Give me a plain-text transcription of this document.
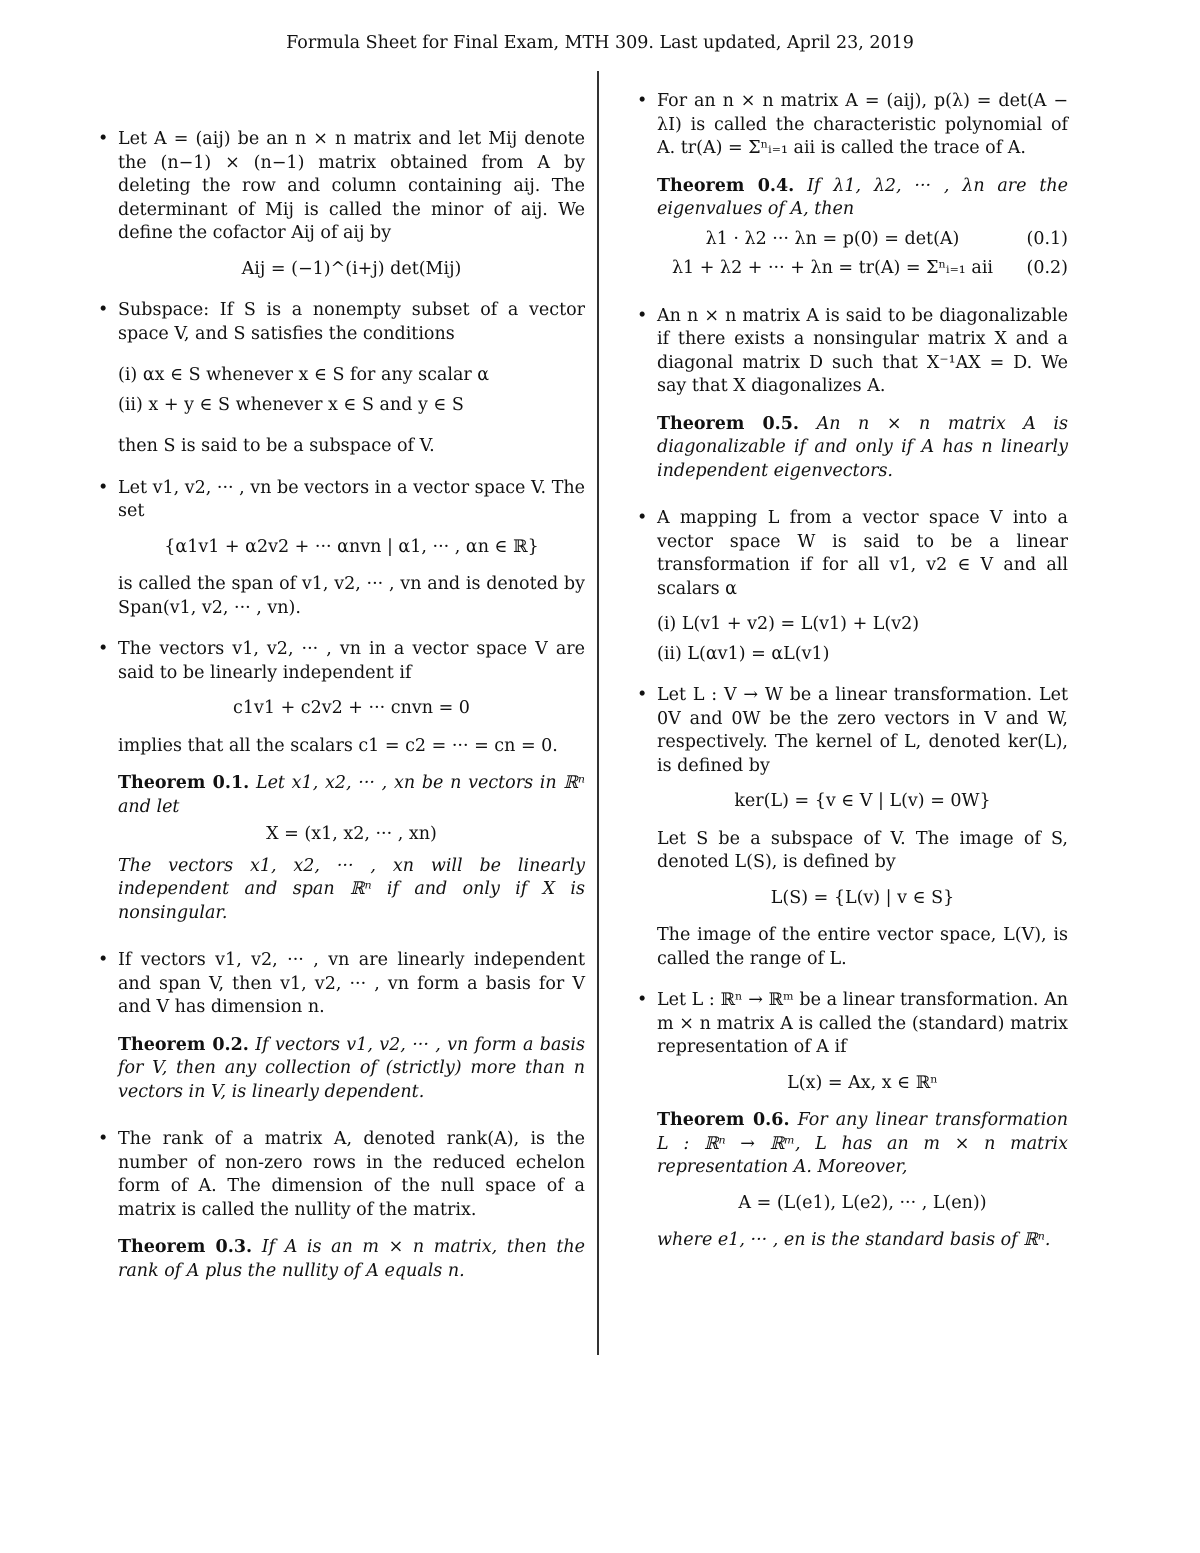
Formula Sheet for Final Exam, MTH 309. Last updated, April 23, 2019
• Let A = (aij) be an n × n matrix and let Mij denote the (n−1) × (n−1) matrix obtained from A by deleting the row and column containing aij. The determinant of Mij is called the minor of aij. We define the cofactor Aij of aij by

Aij = (−1)^(i+j) det(Mij)
• Subspace: If S is a nonempty subset of a vector space V, and S satisfies the conditions

(i) αx ∈ S whenever x ∈ S for any scalar α
(ii) x + y ∈ S whenever x ∈ S and y ∈ S

then S is said to be a subspace of V.

• Let v1, v2, ··· , vn be vectors in a vector space V. The set

{α1v1 + α2v2 + ··· αnvn | α1, ··· , αn ∈ ℝ}

is called the span of v1, v2, ··· , vn and is denoted by Span(v1, v2, ··· , vn).

• The vectors v1, v2, ··· , vn in a vector space V are said to be linearly independent if

c1v1 + c2v2 + ··· cnvn = 0

implies that all the scalars c1 = c2 = ··· = cn = 0.

Theorem 0.1. Let x1, x2, ··· , xn be n vectors in ℝⁿ and let

X = (x1, x2, ··· , xn)

The vectors x1, x2, ··· , xn will be linearly independent and span ℝⁿ if and only if X is nonsingular.

• If vectors v1, v2, ··· , vn are linearly independent and span V, then v1, v2, ··· , vn form a basis for V and V has dimension n.

Theorem 0.2. If vectors v1, v2, ··· , vn form a basis for V, then any collection of (strictly) more than n vectors in V, is linearly dependent.

• The rank of a matrix A, denoted rank(A), is the number of non-zero rows in the reduced echelon form of A. The dimension of the null space of a matrix is called the nullity of the matrix.

Theorem 0.3. If A is an m × n matrix, then the rank of A plus the nullity of A equals n.

• For an n × n matrix A = (aij), p(λ) = det(A − λI) is called the characteristic polynomial of A. tr(A) = Σⁿᵢ₌₁ aii is called the trace of A.

Theorem 0.4. If λ1, λ2, ··· , λn are the eigenvalues of A, then

λ1 · λ2 ··· λn = p(0) = det(A)	(0.1)
λ1 + λ2 + ··· + λn = tr(A) = Σⁿᵢ₌₁ aii	(0.2)
• An n × n matrix A is said to be diagonalizable if there exists a nonsingular matrix X and a diagonal matrix D such that X⁻¹AX = D. We say that X diagonalizes A.

Theorem 0.5. An n × n matrix A is diagonalizable if and only if A has n linearly independent eigenvectors.

• A mapping L from a vector space V into a vector space W is said to be a linear transformation if for all v1, v2 ∈ V and all scalars α

(i) L(v1 + v2) = L(v1) + L(v2)
(ii) L(αv1) = αL(v1)
• Let L : V → W be a linear transformation. Let 0V and 0W be the zero vectors in V and W, respectively. The kernel of L, denoted ker(L), is defined by

ker(L) = {v ∈ V | L(v) = 0W}

Let S be a subspace of V. The image of S, denoted L(S), is defined by

L(S) = {L(v) | v ∈ S}

The image of the entire vector space, L(V), is called the range of L.

• Let L : ℝⁿ → ℝᵐ be a linear transformation. An m × n matrix A is called the (standard) matrix representation of A if

L(x) = Ax, x ∈ ℝⁿ

Theorem 0.6. For any linear transformation L : ℝⁿ → ℝᵐ, L has an m × n matrix representation A. Moreover,

A = (L(e1), L(e2), ··· , L(en))

where e1, ··· , en is the standard basis of ℝⁿ.
